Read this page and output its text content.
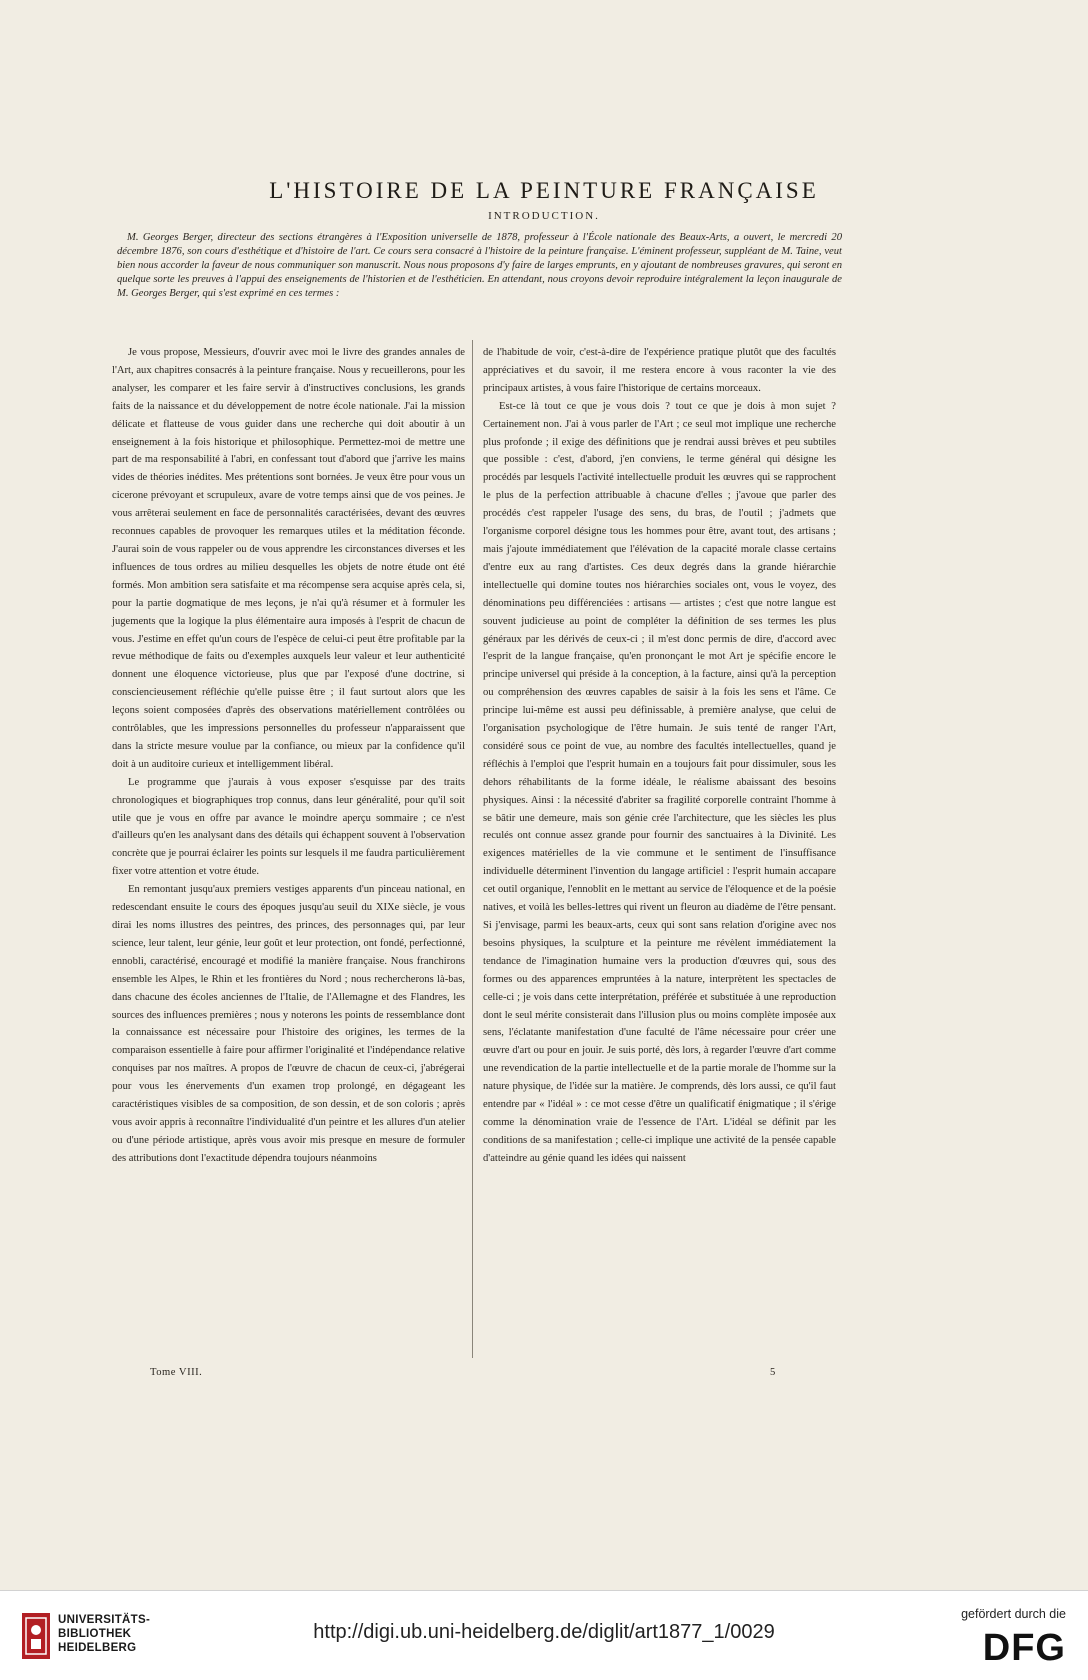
L'HISTOIRE DE LA PEINTURE FRANÇAISE

INTRODUCTION.

M. Georges Berger, directeur des sections étrangères à l'Exposition universelle de 1878, professeur à l'École nationale des Beaux-Arts, a ouvert, le mercredi 20 décembre 1876, son cours d'esthétique et d'histoire de l'art. Ce cours sera consacré à l'histoire de la peinture française. L'éminent professeur, suppléant de M. Taine, veut bien nous accorder la faveur de nous communiquer son manuscrit. Nous nous proposons d'y faire de larges emprunts, en y ajoutant de nombreuses gravures, qui seront en quelque sorte les preuves à l'appui des enseignements de l'historien et de l'esthéticien. En attendant, nous croyons devoir reproduire intégralement la leçon inaugurale de M. Georges Berger, qui s'est exprimé en ces termes :

Je vous propose, Messieurs, d'ouvrir avec moi le livre des grandes annales de l'Art, aux chapitres consacrés à la peinture française. Nous y recueillerons, pour les analyser, les comparer et les faire servir à d'instructives conclusions, les grands faits de la naissance et du développement de notre école nationale. J'ai la mission délicate et flatteuse de vous guider dans une recherche qui doit aboutir à un enseignement à la fois historique et philosophique. Permettez-moi de mettre une part de ma responsabilité à l'abri, en confessant tout d'abord que j'arrive les mains vides de théories inédites. Mes prétentions sont bornées. Je veux être pour vous un cicerone prévoyant et scrupuleux, avare de votre temps ainsi que de vos peines. Je vous arrêterai seulement en face de personnalités caractérisées, devant des œuvres reconnues capables de provoquer les remarques utiles et la méditation féconde. J'aurai soin de vous rappeler ou de vous apprendre les circonstances diverses et les influences de tous ordres au milieu desquelles les objets de notre étude ont été formés. Mon ambition sera satisfaite et ma récompense sera acquise après cela, si, pour la partie dogmatique de mes leçons, je n'ai qu'à résumer et à formuler les jugements que la logique la plus élémentaire aura imposés à l'esprit de chacun de vous. J'estime en effet qu'un cours de l'espèce de celui-ci peut être profitable par la revue méthodique de faits ou d'exemples auxquels leur valeur et leur authenticité donnent une éloquence victorieuse, plus que par l'exposé d'une doctrine, si consciencieusement réfléchie qu'elle puisse être ; il faut surtout alors que les leçons soient composées d'après des observations matériellement contrôlées ou contrôlables, que les impressions personnelles du professeur n'apparaissent que dans la stricte mesure voulue par la confiance, ou mieux par la confidence qu'il doit à un auditoire curieux et intelligemment libéral.

Le programme que j'aurais à vous exposer s'esquisse par des traits chronologiques et biographiques trop connus, dans leur généralité, pour qu'il soit utile que je vous en offre par avance le moindre aperçu sommaire ; ce n'est d'ailleurs qu'en les analysant dans des détails qui échappent souvent à l'observation concrète que je pourrai éclairer les points sur lesquels il me faudra particulièrement fixer votre attention et votre étude.

En remontant jusqu'aux premiers vestiges apparents d'un pinceau national, en redescendant ensuite le cours des époques jusqu'au seuil du XIXe siècle, je vous dirai les noms illustres des peintres, des princes, des personnages qui, par leur science, leur talent, leur génie, leur goût et leur protection, ont fondé, perfectionné, ennobli, caractérisé, encouragé et modifié la manière française. Nous franchirons ensemble les Alpes, le Rhin et les frontières du Nord ; nous rechercherons là-bas, dans chacune des écoles anciennes de l'Italie, de l'Allemagne et des Flandres, les sources des influences premières ; nous y noterons les points de ressemblance dont la connaissance est nécessaire pour l'histoire des origines, les termes de la comparaison essentielle à faire pour affirmer l'originalité et l'indépendance relative conquises par nos maîtres. A propos de l'œuvre de chacun de ceux-ci, j'abrégerai pour vous les énervements d'un examen trop prolongé, en dégageant les caractéristiques visibles de sa composition, de son dessin, et de son coloris ; après vous avoir appris à reconnaître l'individualité d'un peintre et les allures d'un atelier ou d'une période artistique, après vous avoir mis presque en mesure de formuler des attributions dont l'exactitude dépendra toujours néanmoins

de l'habitude de voir, c'est-à-dire de l'expérience pratique plutôt que des facultés appréciatives et du savoir, il me restera encore à vous raconter la vie des principaux artistes, à vous faire l'historique de certains morceaux.

Est-ce là tout ce que je vous dois ? tout ce que je dois à mon sujet ? Certainement non. J'ai à vous parler de l'Art ; ce seul mot implique une recherche plus profonde ; il exige des définitions que je rendrai aussi brèves et peu subtiles que possible : c'est, d'abord, j'en conviens, le terme général qui désigne les procédés par lesquels l'activité intellectuelle produit les œuvres qui se rapprochent le plus de la perfection attribuable à chacune d'elles ; j'avoue que parler des procédés c'est rappeler l'usage des sens, du bras, de l'outil ; j'admets que l'organisme corporel désigne tous les hommes pour être, avant tout, des artisans ; mais j'ajoute immédiatement que l'élévation de la capacité morale classe certains d'entre eux au rang d'artistes. Ces deux degrés dans la grande hiérarchie intellectuelle qui domine toutes nos hiérarchies sociales ont, vous le voyez, des dénominations peu différenciées : artisans — artistes ; c'est que notre langue est souvent judicieuse au point de compléter la définition de ses termes les plus généraux par les dérivés de ceux-ci ; il m'est donc permis de dire, d'accord avec l'esprit de la langue française, qu'en prononçant le mot Art je spécifie encore le principe universel qui préside à la conception, à la facture, ainsi qu'à la perception ou compréhension des œuvres capables de saisir à la fois les sens et l'âme. Ce principe lui-même est aussi peu définissable, à première analyse, que celui de l'organisation psychologique de l'être humain. Je suis tenté de ranger l'Art, considéré sous ce point de vue, au nombre des facultés intellectuelles, quand je réfléchis à l'emploi que l'esprit humain en a toujours fait pour dissimuler, sous les dehors réhabilitants de la forme idéale, le réalisme abaissant des besoins physiques. Ainsi : la nécessité d'abriter sa fragilité corporelle contraint l'homme à se bâtir une demeure, mais son génie crée l'architecture, que les siècles les plus reculés ont connue assez grande pour fournir des sanctuaires à la Divinité. Les exigences matérielles de la vie commune et le sentiment de l'insuffisance individuelle déterminent l'invention du langage artificiel : l'esprit humain accapare cet outil organique, l'ennoblit en le mettant au service de l'éloquence et de la poésie natives, et voilà les belles-lettres qui rivent un fleuron au diadème de l'être pensant. Si j'envisage, parmi les beaux-arts, ceux qui sont sans relation d'origine avec nos besoins physiques, la sculpture et la peinture me révèlent immédiatement la tendance de l'imagination humaine vers la production d'œuvres qui, sous des formes ou des apparences empruntées à la nature, interprètent les spectacles de celle-ci ; je vois dans cette interprétation, préférée et substituée à une reproduction dont le seul mérite consisterait dans l'illusion plus ou moins complète imposée aux sens, l'éclatante manifestation d'une faculté de l'âme nécessaire pour créer une œuvre d'art ou pour en jouir. Je suis porté, dès lors, à regarder l'œuvre d'art comme une revendication de la partie intellectuelle et de la partie morale de l'homme sur la nature physique, de l'idée sur la matière. Je comprends, dès lors aussi, ce qu'il faut entendre par « l'idéal » : ce mot cesse d'être un qualificatif énigmatique ; il s'érige comme la dénomination vraie de l'essence de l'Art. L'idéal se définit par les conditions de sa manifestation ; celle-ci implique une activité de la pensée capable d'atteindre au génie quand les idées qui naissent

Tome VIII.	5
UNIVERSITÄTS-
BIBLIOTHEK
HEIDELBERG
http://digi.ub.uni-heidelberg.de/diglit/art1877_1/0029
gefördert durch die
DFG
